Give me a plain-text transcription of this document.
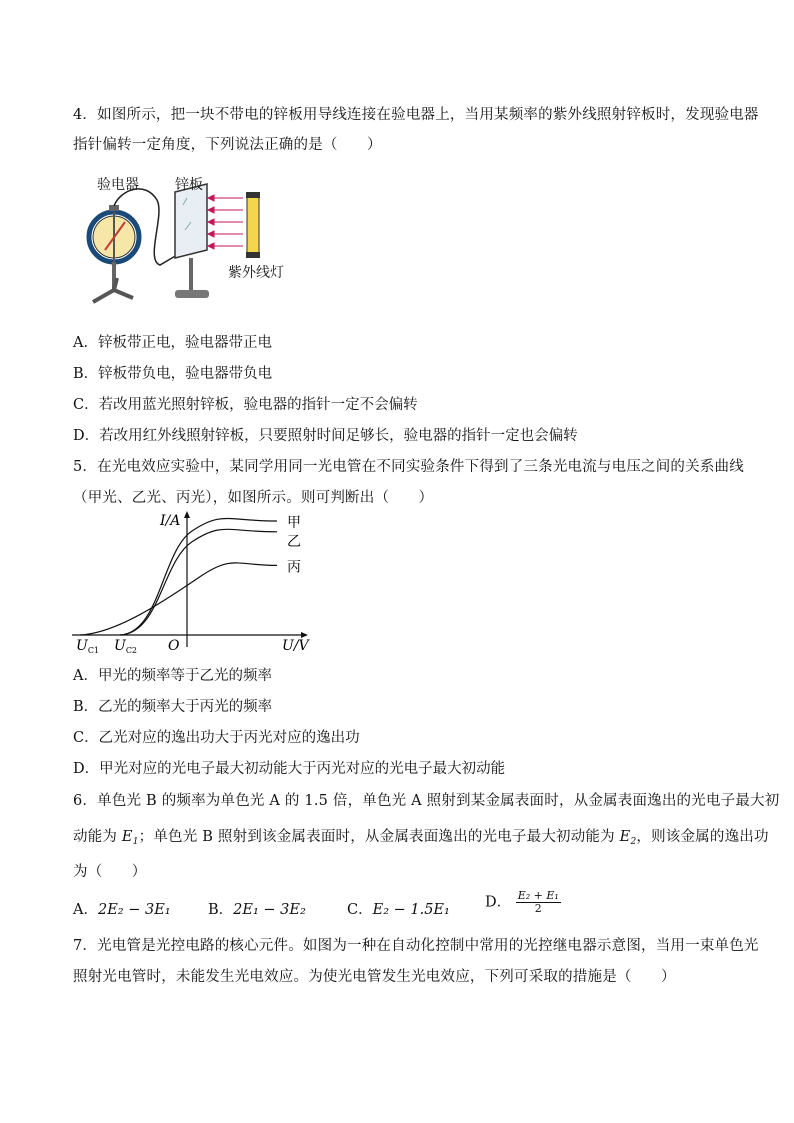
4．如图所示，把一块不带电的锌板用导线连接在验电器上，当用某频率的紫外线照射锌板时，发现验电器
指针偏转一定角度，下列说法正确的是（　　）
验电器	锌板
紫外线灯
A．锌板带正电，验电器带正电
B．锌板带负电，验电器带负电
C．若改用蓝光照射锌板，验电器的指针一定不会偏转
D．若改用红外线照射锌板，只要照射时间足够长，验电器的指针一定也会偏转
5．在光电效应实验中，某同学用同一光电管在不同实验条件下得到了三条光电流与电压之间的关系曲线
（甲光、乙光、丙光），如图所示。则可判断出（　　）
I/A
U/V
O
$U_{C1}$ $U_{C2}$
甲
乙
丙
A．甲光的频率等于乙光的频率
B．乙光的频率大于丙光的频率
C．乙光对应的逸出功大于丙光对应的逸出功
D．甲光对应的光电子最大初动能大于丙光对应的光电子最大初动能
6．单色光 B 的频率为单色光 A 的 1.5 倍，单色光 A 照射到某金属表面时，从金属表面逸出的光电子最大初
动能为 $E_1$；单色光 B 照射到该金属表面时，从金属表面逸出的光电子最大初动能为 $E_2$，则该金属的逸出功
为（　　）
A．2E₂ − 3E₁	B．2E₁ − 3E₂	C．E₂ − 1.5E₁ D． $\frac{\text{E₂ + E₁}}{2}$
7．光电管是光控电路的核心元件。如图为一种在自动化控制中常用的光控继电器示意图，当用一束单色光
照射光电管时，未能发生光电效应。为使光电管发生光电效应，下列可采取的措施是（　　）
